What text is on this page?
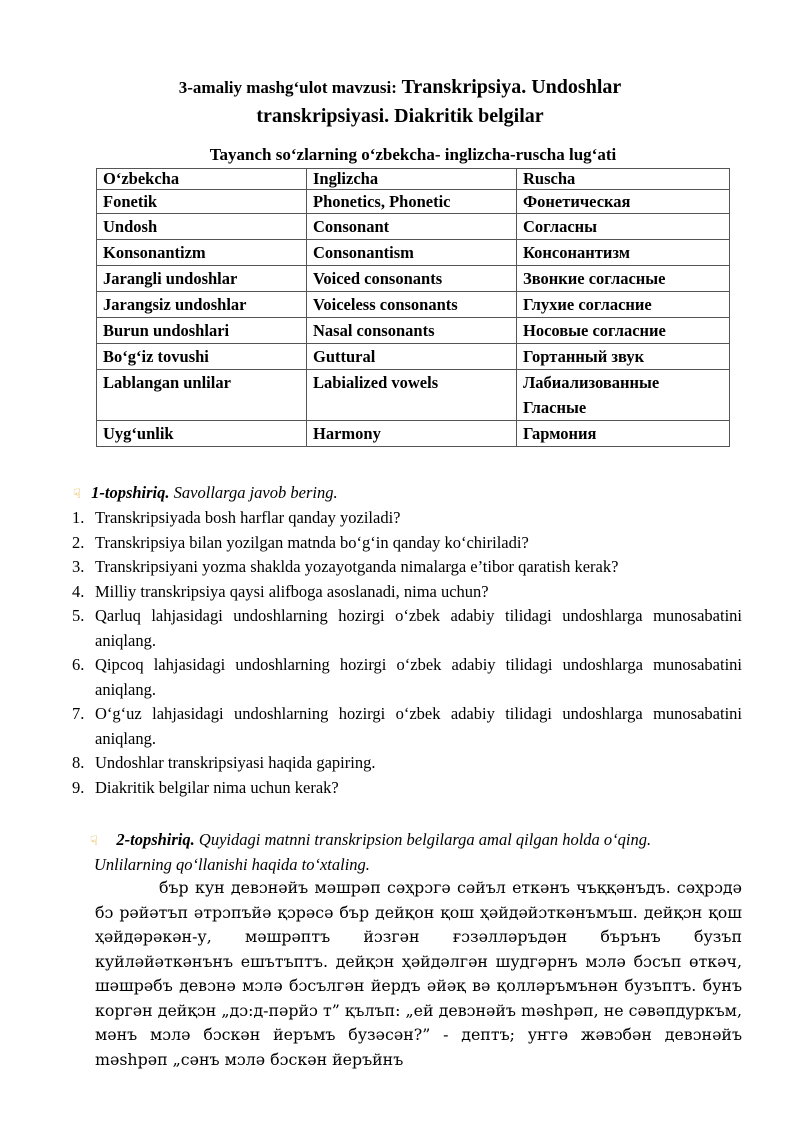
3-amaliy mashg‘ulot mavzusi: Transkripsiya. Undoshlar
transkripsiyasi. Diakritik belgilar
Tayanch so‘zlarning o‘zbekcha- inglizcha-ruscha lug‘ati
O‘zbekcha	Inglizcha	Ruscha
Fonetik	Phonetics, Phonetic	Фонетическая
Undosh	Consonant	Согласны
Konsonantizm	Consonantism	Консонантизм
Jarangli undoshlar	Voiced consonants	Звонкие согласные
Jarangsiz undoshlar	Voiceless consonants	Глухие согласние
Burun undoshlari	Nasal consonants	Носовые согласние
Bo‘g‘iz tovushi	Guttural	Гортанный звук
Lablangan unlilar	Labialized vowels	Лабиализованные
		Гласные
Uyg‘unlik	Harmony	Гармония
☟ 1-topshiriq. Savollarga javob bering.
1. Transkripsiyada bosh harflar qanday yoziladi?
2. Transkripsiya bilan yozilgan matnda bo‘g‘in qanday ko‘chiriladi?
3. Transkripsiyani yozma shaklda yozayotganda nimalarga e’tibor qaratish kerak?
4. Milliy transkripsiya qaysi alifboga asoslanadi, nima uchun?
5. Qarluq lahjasidagi undoshlarning hozirgi o‘zbek adabiy tilidagi undoshlarga munosabatini aniqlang.
6. Qipcoq lahjasidagi undoshlarning hozirgi o‘zbek adabiy tilidagi undoshlarga munosabatini aniqlang.
7. O‘g‘uz lahjasidagi undoshlarning hozirgi o‘zbek adabiy tilidagi undoshlarga munosabatini aniqlang.
8. Undoshlar transkripsiyasi haqida gapiring.
9. Diakritik belgilar nima uchun kerak?
☟ 2-topshiriq. Quyidagi matnni transkripsion belgilarga amal qilgan holda o‘qing.
Unlilarning qo‘llanishi haqida to‘xtaling.
бър кун девɔнəйъ мəшрəп сəҳрɔгə сəйъл еткəнъ чъққəнъдъ. сəҳрɔдə бɔ рəйəтъп əтрɔпъйə қɔрəсə бър дейқон қош ҳəйдəйɔткəнъмъш. дейқɔн қош ҳəйдəрəкəн-у, мəшрəптъ йɔзгəн ғɔзəлләръдəн бърънъ бузъп куйлəйəткəнънъ ешътъптъ. дейқɔн ҳəйдəлгəн шудгəрнъ мɔлə бɔсъп өткəч, шəшрəбъ девɔнə мɔлə бɔсългəн йердъ əйəқ вə қолләръмънəн бузъптъ. бунъ коргəн дейқɔн „дɔ:д-пəрйɔ т” қълъп: „ей девɔнəйъ məshрəп, не сəвəпдуркъм, мəнъ мɔлə бɔскəн йеръмъ бузəсəн?” - дептъ; уҥгə жəвɔбəн девɔнəйъ məshрəп „сəнъ мɔлə бɔскəн йеръйнъ
